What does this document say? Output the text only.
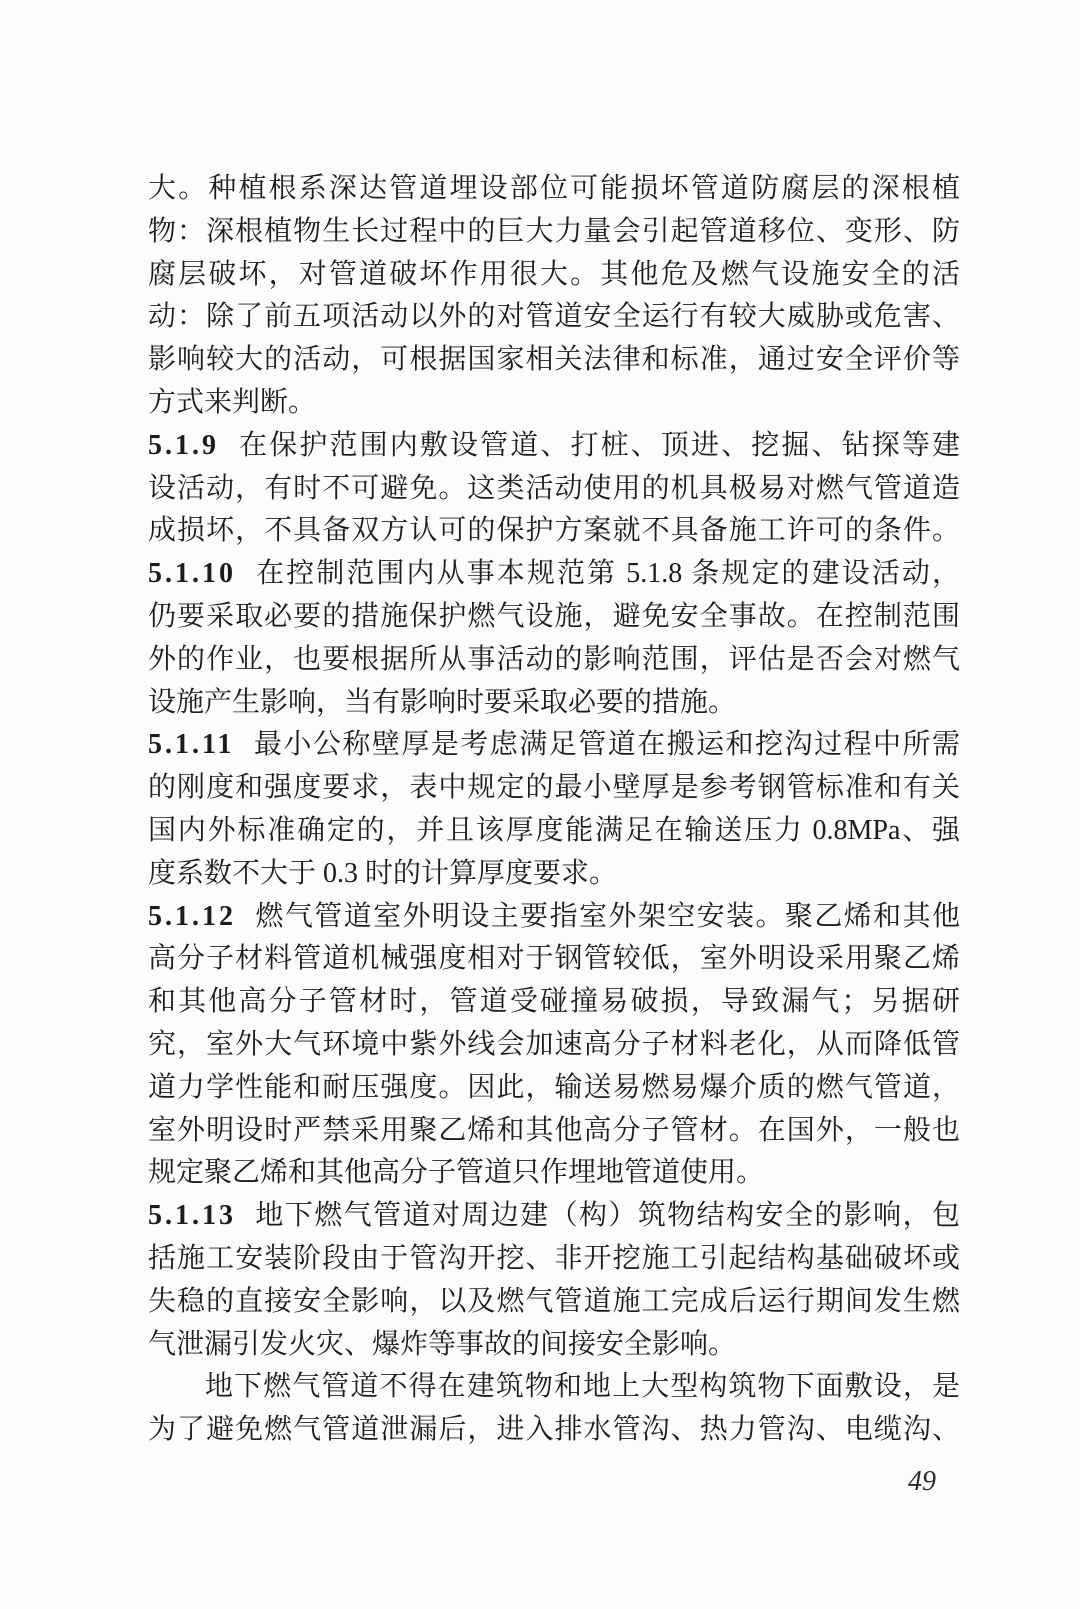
大。种植根系深达管道埋设部位可能损坏管道防腐层的深根植
物：深根植物生长过程中的巨大力量会引起管道移位、变形、防
腐层破坏，对管道破坏作用很大。其他危及燃气设施安全的活
动：除了前五项活动以外的对管道安全运行有较大威胁或危害、
影响较大的活动，可根据国家相关法律和标准，通过安全评价等
方式来判断。
5.1.9 在保护范围内敷设管道、打桩、顶进、挖掘、钻探等建
设活动，有时不可避免。这类活动使用的机具极易对燃气管道造
成损坏，不具备双方认可的保护方案就不具备施工许可的条件。
5.1.10 在控制范围内从事本规范第 5.1.8 条规定的建设活动，
仍要采取必要的措施保护燃气设施，避免安全事故。在控制范围
外的作业，也要根据所从事活动的影响范围，评估是否会对燃气
设施产生影响，当有影响时要采取必要的措施。
5.1.11 最小公称壁厚是考虑满足管道在搬运和挖沟过程中所需
的刚度和强度要求，表中规定的最小壁厚是参考钢管标准和有关
国内外标准确定的，并且该厚度能满足在输送压力 0.8MPa、强
度系数不大于 0.3 时的计算厚度要求。
5.1.12 燃气管道室外明设主要指室外架空安装。聚乙烯和其他
高分子材料管道机械强度相对于钢管较低，室外明设采用聚乙烯
和其他高分子管材时，管道受碰撞易破损，导致漏气；另据研
究，室外大气环境中紫外线会加速高分子材料老化，从而降低管
道力学性能和耐压强度。因此，输送易燃易爆介质的燃气管道，
室外明设时严禁采用聚乙烯和其他高分子管材。在国外，一般也
规定聚乙烯和其他高分子管道只作埋地管道使用。
5.1.13 地下燃气管道对周边建（构）筑物结构安全的影响，包
括施工安装阶段由于管沟开挖、非开挖施工引起结构基础破坏或
失稳的直接安全影响，以及燃气管道施工完成后运行期间发生燃
气泄漏引发火灾、爆炸等事故的间接安全影响。
地下燃气管道不得在建筑物和地上大型构筑物下面敷设，是
为了避免燃气管道泄漏后，进入排水管沟、热力管沟、电缆沟、
49
